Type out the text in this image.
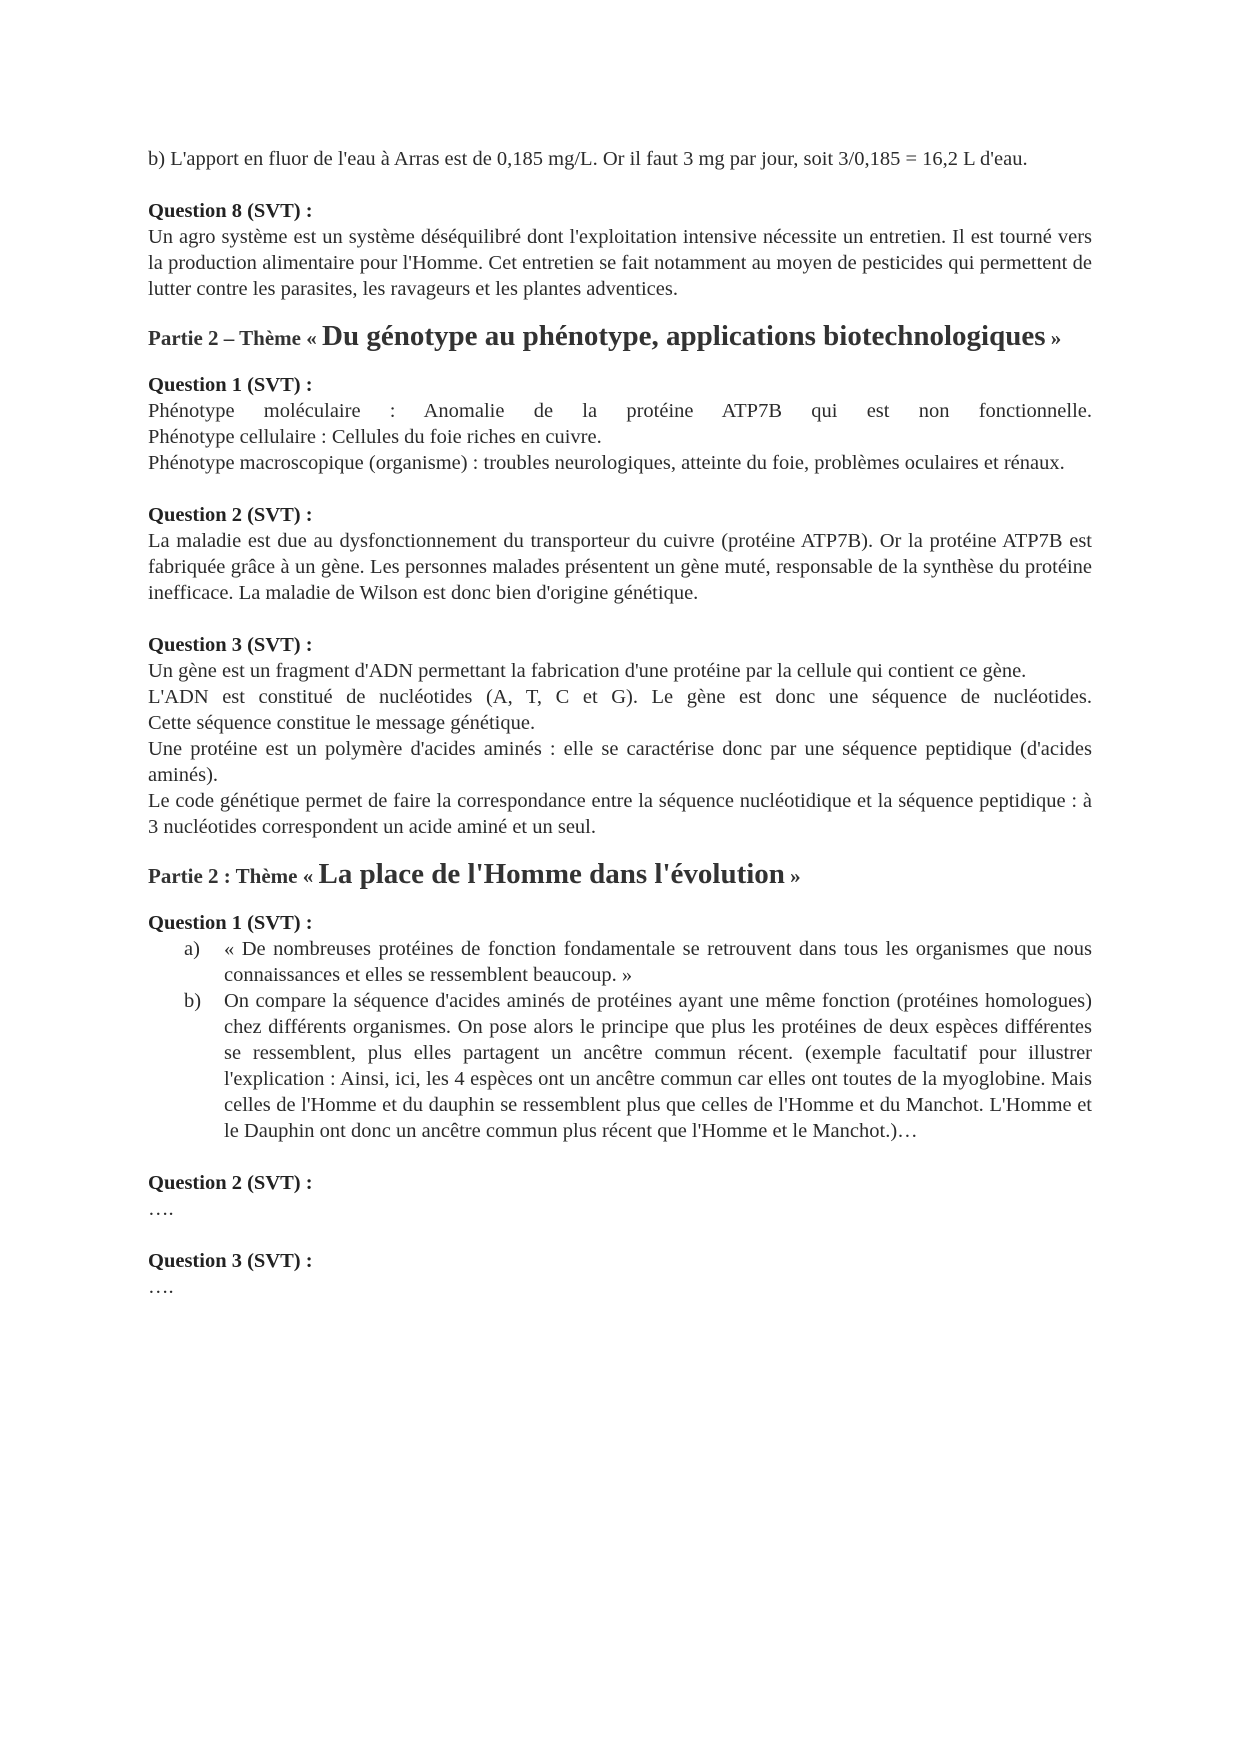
b) L'apport en fluor de l'eau à Arras est de 0,185 mg/L. Or il faut 3 mg par jour, soit 3/0,185 = 16,2 L d'eau.

Question 8 (SVT) :

Un agro système est un système déséquilibré dont l'exploitation intensive nécessite un entretien. Il est tourné vers la production alimentaire pour l'Homme. Cet entretien se fait notamment au moyen de pesticides qui permettent de lutter contre les parasites, les ravageurs et les plantes adventices.

Partie 2 – Thème « Du génotype au phénotype, applications biotechnologiques »

Question 1 (SVT) :

Phénotype moléculaire : Anomalie de la protéine ATP7B qui est non fonctionnelle.

Phénotype cellulaire : Cellules du foie riches en cuivre.

Phénotype macroscopique (organisme) : troubles neurologiques, atteinte du foie, problèmes oculaires et rénaux.

Question 2 (SVT) :

La maladie est due au dysfonctionnement du transporteur du cuivre (protéine ATP7B). Or la protéine ATP7B est fabriquée grâce à un gène. Les personnes malades présentent un gène muté, responsable de la synthèse du protéine inefficace. La maladie de Wilson est donc bien d'origine génétique.

Question 3 (SVT) :

Un gène est un fragment d'ADN permettant la fabrication d'une protéine par la cellule qui contient ce gène.

L'ADN est constitué de nucléotides (A, T, C et G). Le gène est donc une séquence de nucléotides.

Cette séquence constitue le message génétique.

Une protéine est un polymère d'acides aminés : elle se caractérise donc par une séquence peptidique (d'acides aminés).

Le code génétique permet de faire la correspondance entre la séquence nucléotidique et la séquence peptidique : à 3 nucléotides correspondent un acide aminé et un seul.

Partie 2 : Thème « La place de l'Homme dans l'évolution »

Question 1 (SVT) :

a) « De nombreuses protéines de fonction fondamentale se retrouvent dans tous les organismes que nous connaissances et elles se ressemblent beaucoup. »
b) On compare la séquence d'acides aminés de protéines ayant une même fonction (protéines homologues) chez différents organismes. On pose alors le principe que plus les protéines de deux espèces différentes se ressemblent, plus elles partagent un ancêtre commun récent. (exemple facultatif pour illustrer l'explication : Ainsi, ici, les 4 espèces ont un ancêtre commun car elles ont toutes de la myoglobine. Mais celles de l'Homme et du dauphin se ressemblent plus que celles de l'Homme et du Manchot. L'Homme et le Dauphin ont donc un ancêtre commun plus récent que l'Homme et le Manchot.)…

Question 2 (SVT) :

….

Question 3 (SVT) :

….
